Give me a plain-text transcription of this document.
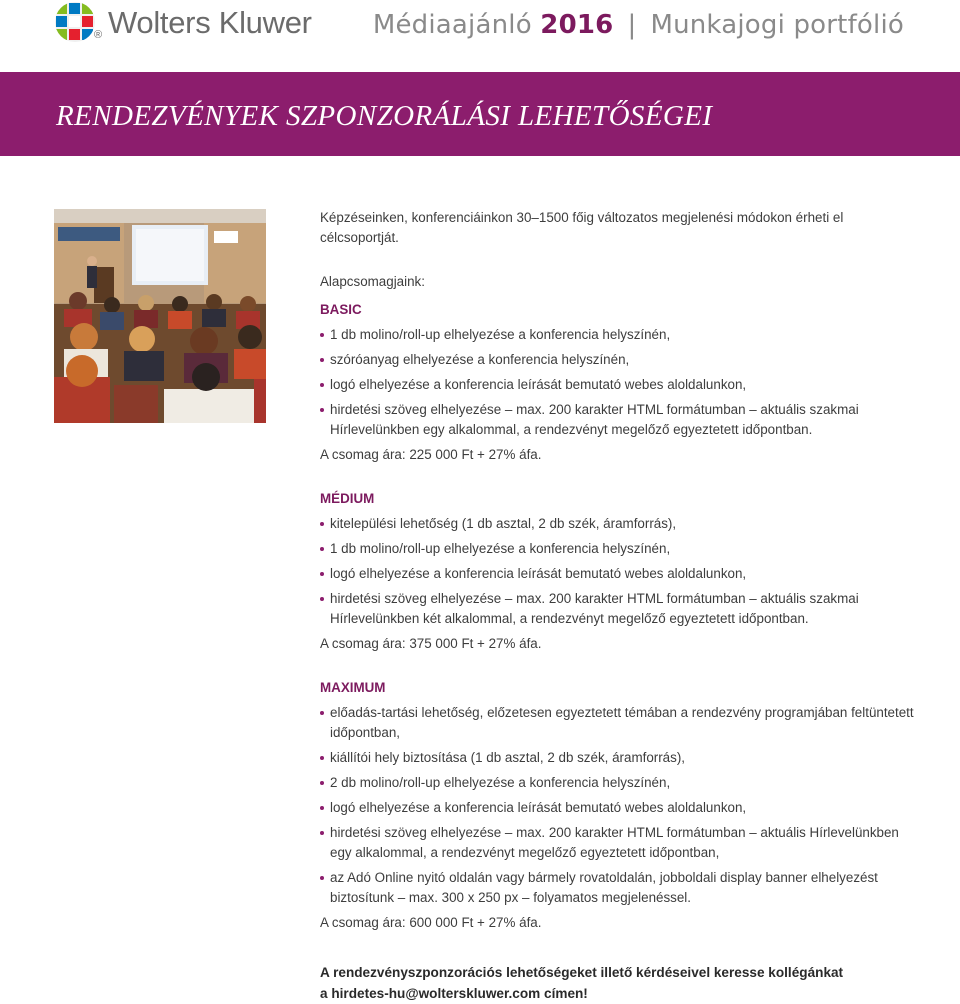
® Wolters Kluwer Médiaajánló 2016 | Munkajogi portfólió
RENDEZVÉNYEK SZPONZORÁLÁSI LEHETŐSÉGEI

Képzéseinken, konferenciáinkon 30–1500 főig változatos megjelenési módokon érheti el célcsoportját.

Alapcsomagjaink:

BASIC
1 db molino/roll-up elhelyezése a konferencia helyszínén,
szóróanyag elhelyezése a konferencia helyszínén,
logó elhelyezése a konferencia leírását bemutató webes aloldalunkon,
hirdetési szöveg elhelyezése – max. 200 karakter HTML formátumban – aktuális szakmai Hírlevelünkben egy alkalommal, a rendezvényt megelőző egyeztetett időpontban.

A csomag ára: 225 000 Ft + 27% áfa.

MÉDIUM
kitelepülési lehetőség (1 db asztal, 2 db szék, áramforrás),
1 db molino/roll-up elhelyezése a konferencia helyszínén,
logó elhelyezése a konferencia leírását bemutató webes aloldalunkon,
hirdetési szöveg elhelyezése – max. 200 karakter HTML formátumban – aktuális szakmai Hírlevelünkben két alkalommal, a rendezvényt megelőző egyeztetett időpontban.

A csomag ára: 375 000 Ft + 27% áfa.

MAXIMUM
előadás-tartási lehetőség, előzetesen egyeztetett témában a rendezvény programjában feltüntetett időpontban,
kiállítói hely biztosítása (1 db asztal, 2 db szék, áramforrás),
2 db molino/roll-up elhelyezése a konferencia helyszínén,
logó elhelyezése a konferencia leírását bemutató webes aloldalunkon,
hirdetési szöveg elhelyezése – max. 200 karakter HTML formátumban – aktuális Hírlevelünkben egy alkalommal, a rendezvényt megelőző egyeztetett időpontban,
az Adó Online nyitó oldalán vagy bármely rovatoldalán, jobboldali display banner elhelyezést biztosítunk – max. 300 x 250 px – folyamatos megjelenéssel.

A csomag ára: 600 000 Ft + 27% áfa.

A rendezvényszponzorációs lehetőségeket illető kérdéseivel keresse kollégánkat
a hirdetes-hu@wolterskluwer.com címen!
